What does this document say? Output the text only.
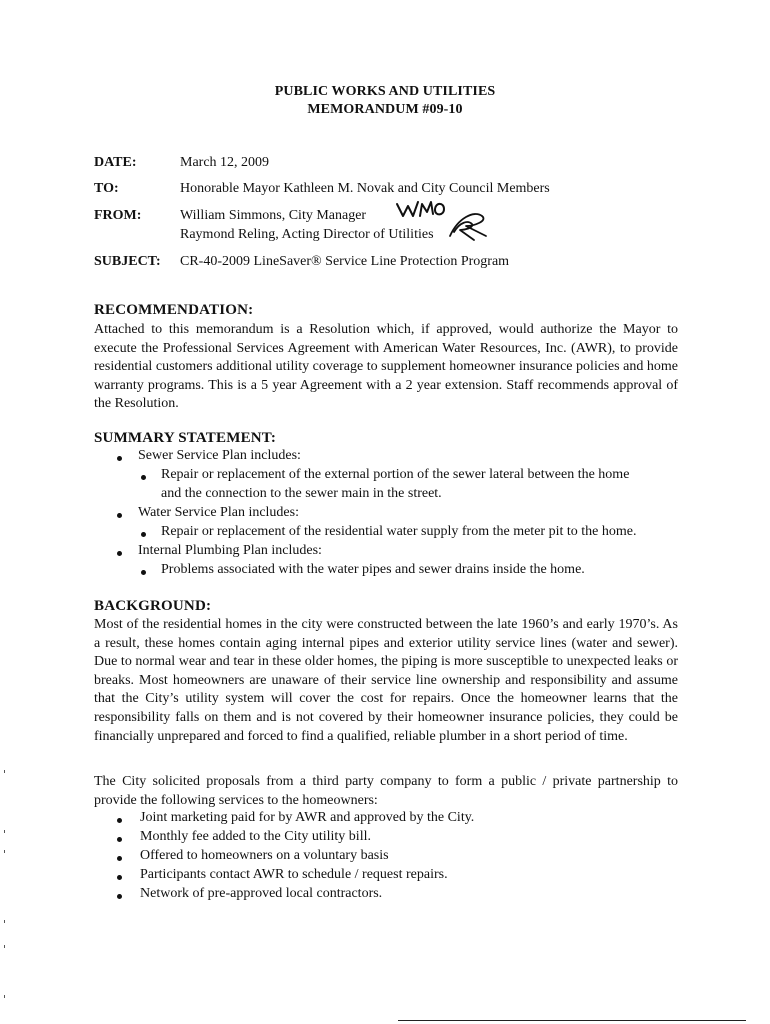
PUBLIC WORKS AND UTILITIES
MEMORANDUM #09-10
DATE:	March 12, 2009
TO:	Honorable Mayor Kathleen M. Novak and City Council Members
FROM:	William Simmons, City Manager
Raymond Reling, Acting Director of Utilities
SUBJECT: CR-40-2009 LineSaver® Service Line Protection Program
RECOMMENDATION:
Attached to this memorandum is a Resolution which, if approved, would authorize the Mayor to execute the Professional Services Agreement with American Water Resources, Inc. (AWR), to provide residential customers additional utility coverage to supplement homeowner insurance policies and home warranty programs. This is a 5 year Agreement with a 2 year extension. Staff recommends approval of the Resolution.
SUMMARY STATEMENT:
Sewer Service Plan includes:
Repair or replacement of the external portion of the sewer lateral between the home
and the connection to the sewer main in the street.
Water Service Plan includes:
Repair or replacement of the residential water supply from the meter pit to the home.
Internal Plumbing Plan includes:
Problems associated with the water pipes and sewer drains inside the home.
BACKGROUND:
Most of the residential homes in the city were constructed between the late 1960’s and early 1970’s. As a result, these homes contain aging internal pipes and exterior utility service lines (water and sewer). Due to normal wear and tear in these older homes, the piping is more susceptible to unexpected leaks or breaks. Most homeowners are unaware of their service line ownership and responsibility and assume that the City’s utility system will cover the cost for repairs. Once the homeowner learns that the responsibility falls on them and is not covered by their homeowner insurance policies, they could be financially unprepared and forced to find a qualified, reliable plumber in a short period of time.
The City solicited proposals from a third party company to form a public / private partnership to provide the following services to the homeowners:
Joint marketing paid for by AWR and approved by the City.
Monthly fee added to the City utility bill.
Offered to homeowners on a voluntary basis
Participants contact AWR to schedule / request repairs.
Network of pre-approved local contractors.
